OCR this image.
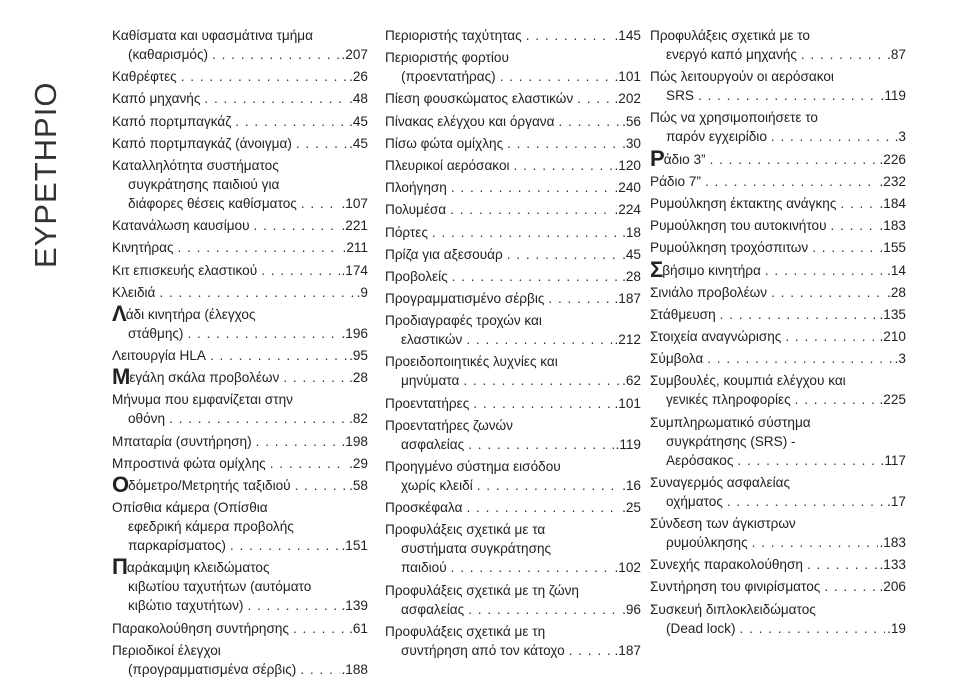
ΕΥΡΕΤΗΡΙΟ
Καθίσματα και υφασμάτινα τμήμα
(καθαρισμός) . . .	.207
Καθρέφτες . . .	.26
Καπό μηχανής . . .	.48
Καπό πορτμπαγκάζ . . .	.45
Καπό πορτμπαγκάζ (άνοιγμα) . . .	.45
Καταλληλότητα συστήματος
συγκράτησης παιδιού για
διάφορες θέσεις καθίσματος . . .	.107
Κατανάλωση καυσίμου . . .	.221
Κινητήρας . . .	.211
Κιτ επισκευής ελαστικού . . .	.174
Κλειδιά . . .	.9
Λάδι κινητήρα (έλεγχος
στάθμης) . . .	.196
Λειτουργία HLA . . .	.95
Μεγάλη σκάλα προβολέων . . .	.28
Μήνυμα που εμφανίζεται στην
οθόνη . . .	.82
Μπαταρία (συντήρηση) . . .	.198
Μπροστινά φώτα ομίχλης . . .	.29
Οδόμετρο/Μετρητής ταξιδιού . . .	.58
Οπίσθια κάμερα (Οπίσθια
εφεδρική κάμερα προβολής
παρκαρίσματος) . . .	.151
Παράκαμψη κλειδώματος
κιβωτίου ταχυτήτων (αυτόματο
κιβώτιο ταχυτήτων) . . .	.139
Παρακολούθηση συντήρησης . . .	.61
Περιοδικοί έλεγχοι
(προγραμματισμένα σέρβις) . . .	.188
Περιοριστής ταχύτητας . . .	.145
Περιοριστής φορτίου
(προεντατήρας) . . .	.101
Πίεση φουσκώματος ελαστικών . . .	.202
Πίνακας ελέγχου και όργανα . . .	.56
Πίσω φώτα ομίχλης . . .	.30
Πλευρικοί αερόσακοι . . .	.120
Πλοήγηση . . .	.240
Πολυμέσα . . .	.224
Πόρτες . . .	.18
Πρίζα για αξεσουάρ . . .	.45
Προβολείς . . .	.28
Προγραμματισμένο σέρβις . . .	.187
Προδιαγραφές τροχών και
ελαστικών . . .	.212
Προειδοποιητικές λυχνίες και
μηνύματα . . .	.62
Προεντατήρες . . .	.101
Προεντατήρες ζωνών
ασφαλείας . . .	.119
Προηγμένο σύστημα εισόδου
χωρίς κλειδί . . .	.16
Προσκέφαλα . . .	.25
Προφυλάξεις σχετικά με τα
συστήματα συγκράτησης
παιδιού . . .	.102
Προφυλάξεις σχετικά με τη ζώνη
ασφαλείας . . .	.96
Προφυλάξεις σχετικά με τη
συντήρηση από τον κάτοχο . . .	.187
Προφυλάξεις σχετικά με το
ενεργό καπό μηχανής . . .	.87
Πώς λειτουργούν οι αερόσακοι
SRS . . .	.119
Πώς να χρησιμοποιήσετε το
παρόν εγχειρίδιο . . .	.3
Ράδιο 3” . . .	.226
Ράδιο 7” . . .	.232
Ρυμούλκηση έκτακτης ανάγκης . . .	.184
Ρυμούλκηση του αυτοκινήτου . . .	.183
Ρυμούλκηση τροχόσπιτων . . .	.155
Σβήσιμο κινητήρα . . .	.14
Σινιάλο προβολέων . . .	.28
Στάθμευση . . .	.135
Στοιχεία αναγνώρισης . . .	.210
Σύμβολα . . .	.3
Συμβουλές, κουμπιά ελέγχου και
γενικές πληροφορίες . . .	.225
Συμπληρωματικό σύστημα
συγκράτησης (SRS) -
Αερόσακος . . .	.117
Συναγερμός ασφαλείας
οχήματος . . .	.17
Σύνδεση των άγκιστρων
ρυμούλκησης . . .	.183
Συνεχής παρακολούθηση . . .	.133
Συντήρηση του φινιρίσματος . . .	.206
Συσκευή διπλοκλειδώματος
(Dead lock) . . .	.19
